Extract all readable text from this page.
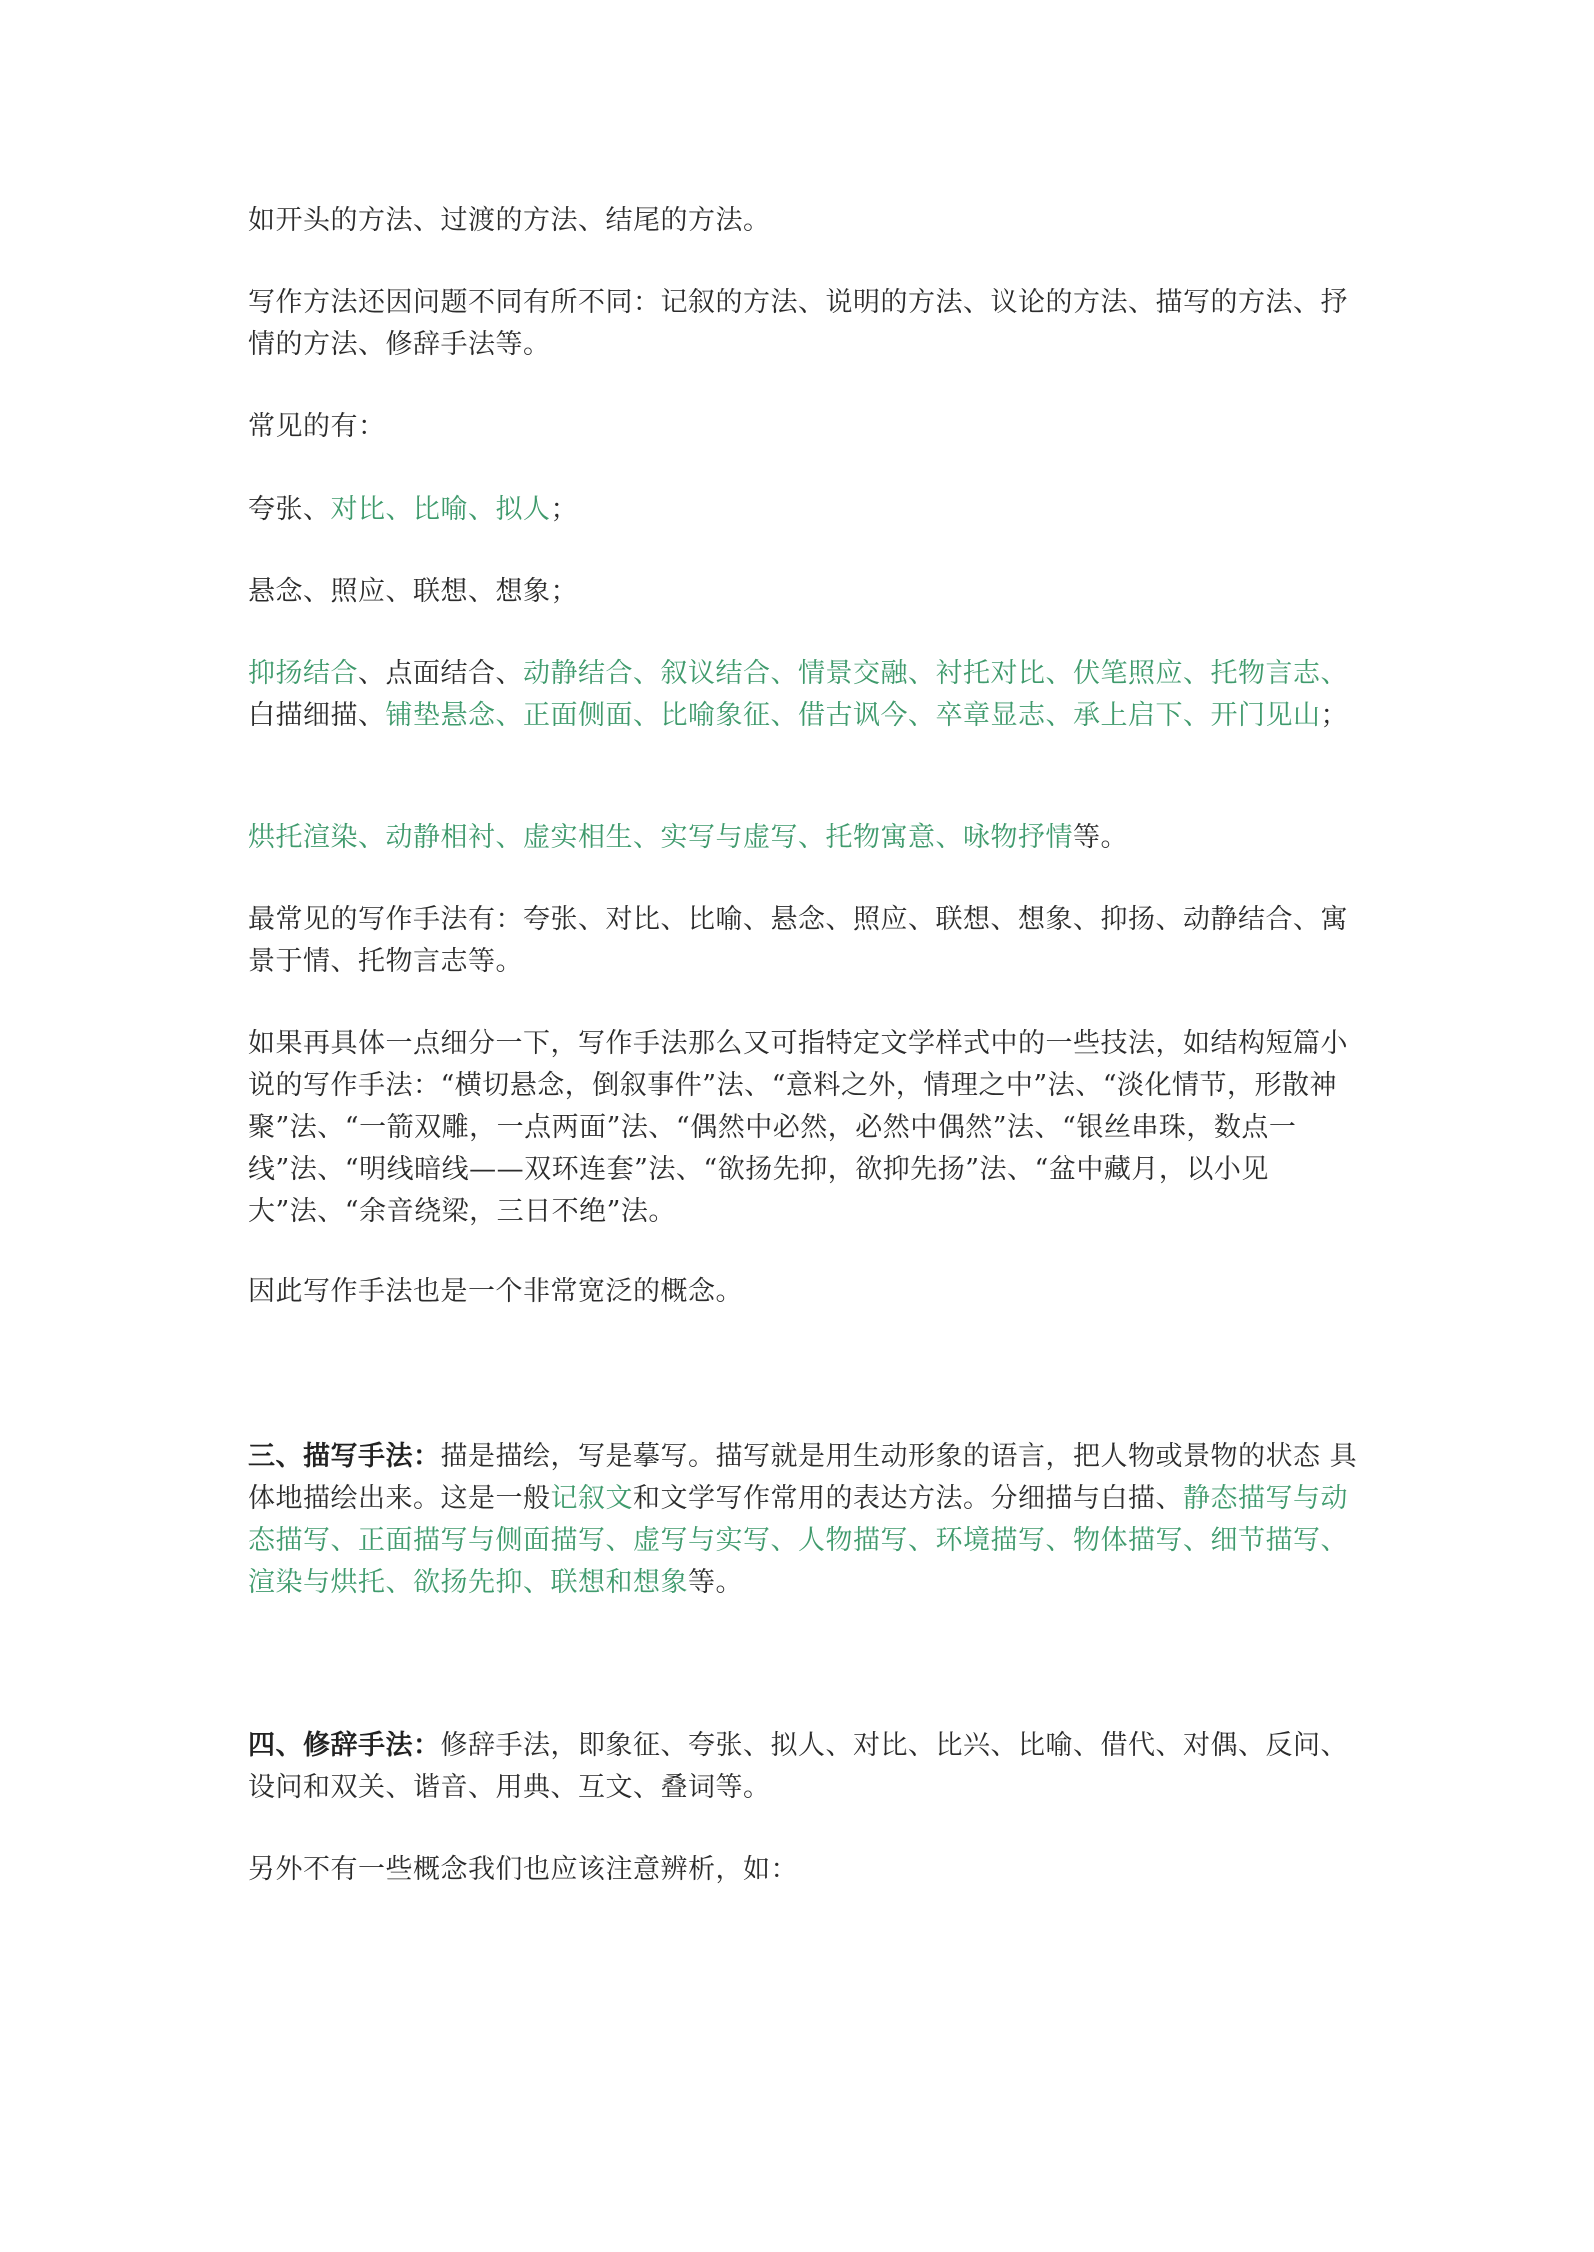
如开头的方法、过渡的方法、结尾的方法。

写作方法还因问题不同有所不同：记叙的方法、说明的方法、议论的方法、描写的方法、抒情的方法、修辞手法等。

常见的有：

夸张、对比、比喻、拟人；

悬念、照应、联想、想象；

抑扬结合、点面结合、动静结合、叙议结合、情景交融、衬托对比、伏笔照应、托物言志、白描细描、铺垫悬念、正面侧面、比喻象征、借古讽今、卒章显志、承上启下、开门见山；

烘托渲染、动静相衬、虚实相生、实写与虚写、托物寓意、咏物抒情等。

最常见的写作手法有：夸张、对比、比喻、悬念、照应、联想、想象、抑扬、动静结合、寓景于情、托物言志等。

如果再具体一点细分一下，写作手法那么又可指特定文学样式中的一些技法，如结构短篇小说的写作手法：“横切悬念，倒叙事件”法、“意料之外，情理之中”法、“淡化情节，形散神聚”法、“一箭双雕，一点两面”法、“偶然中必然，必然中偶然”法、“银丝串珠，数点一线”法、“明线暗线——双环连套”法、“欲扬先抑，欲抑先扬”法、“盆中藏月，以小见大”法、“余音绕梁，三日不绝”法。

因此写作手法也是一个非常宽泛的概念。

三、描写手法：描是描绘，写是摹写。描写就是用生动形象的语言，把人物或景物的状态 具体地描绘出来。这是一般记叙文和文学写作常用的表达方法。分细描与白描、静态描写与动态描写、正面描写与侧面描写、虚写与实写、人物描写、环境描写、物体描写、细节描写、渲染与烘托、欲扬先抑、联想和想象等。

四、修辞手法：修辞手法，即象征、夸张、拟人、对比、比兴、比喻、借代、对偶、反问、设问和双关、谐音、用典、互文、叠词等。

另外不有一些概念我们也应该注意辨析，如：
